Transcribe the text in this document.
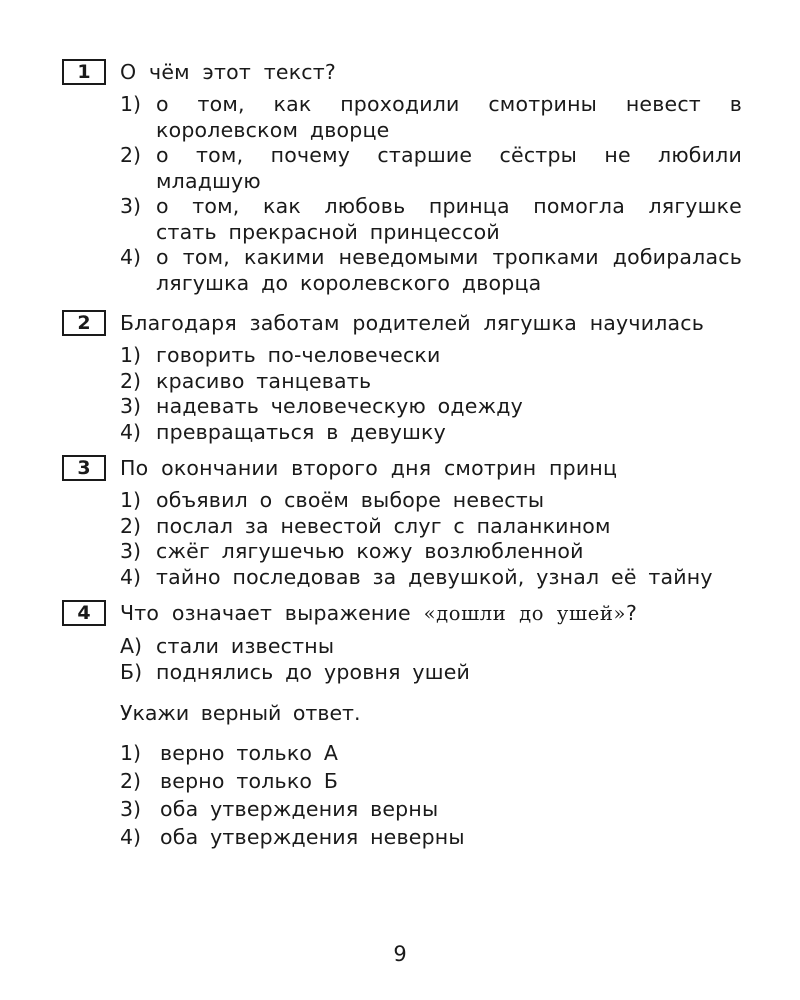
1	О чём этот текст?
1) о том, как проходили смотрины невест в королевском дворце
2) о том, почему старшие сёстры не любили младшую
3) о том, как любовь принца помогла лягушке стать прекрасной принцессой
4) о том, какими неведомыми тропками добиралась лягушка до королевского дворца
2	Благодаря заботам родителей лягушка научилась
1) говорить по-человечески
2) красиво танцевать
3) надевать человеческую одежду
4) превращаться в девушку
3	По окончании второго дня смотрин принц
1) объявил о своём выборе невесты
2) послал за невестой слуг с паланкином
3) сжёг лягушечью кожу возлюбленной
4) тайно последовав за девушкой, узнал её тайну
4	Что означает выражение «дошли до ушей»?
А) стали известны
Б) поднялись до уровня ушей
Укажи верный ответ.
1) верно только А
2) верно только Б
3) оба утверждения верны
4) оба утверждения неверны
9
